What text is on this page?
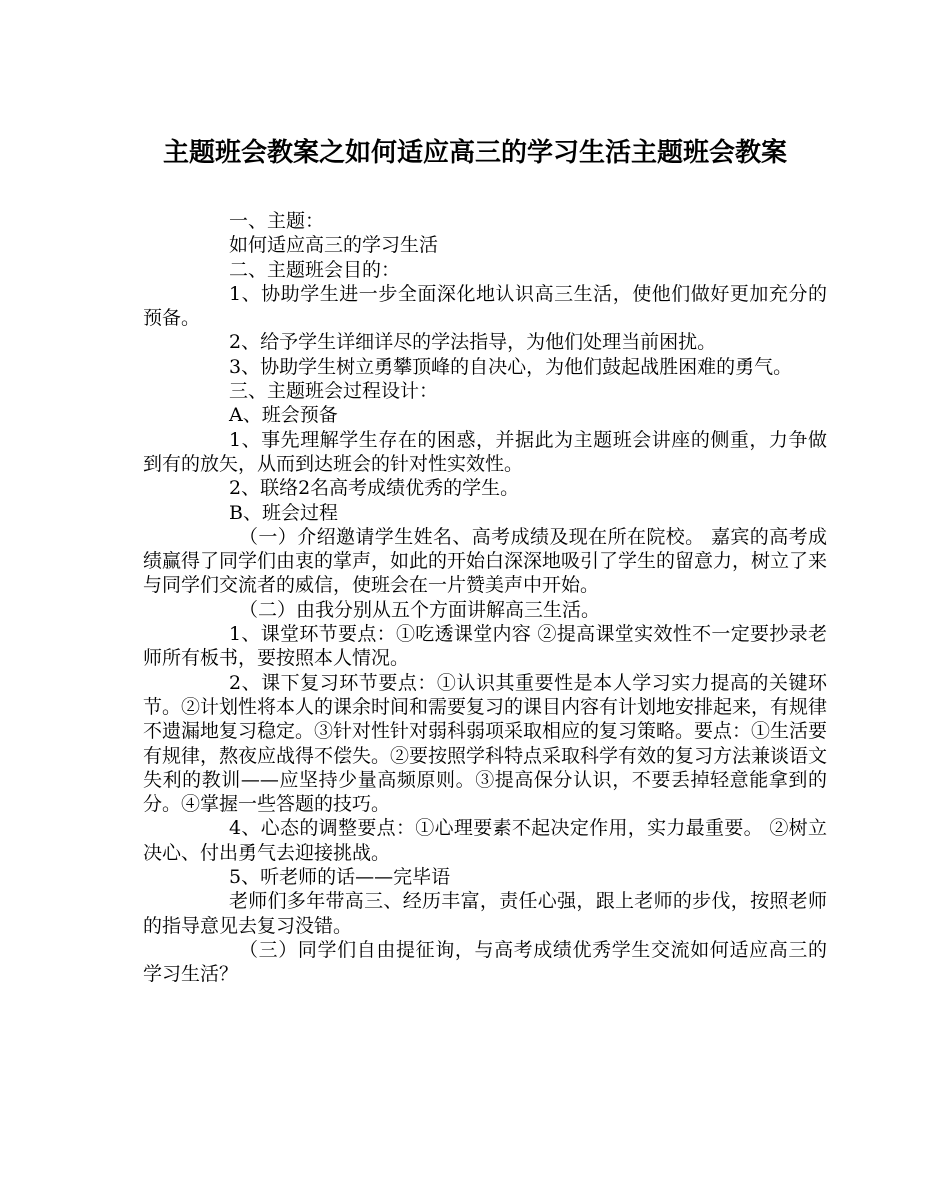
主题班会教案之如何适应高三的学习生活主题班会教案

一、主题：

如何适应高三的学习生活

二、主题班会目的：

1、协助学生进一步全面深化地认识高三生活，使他们做好更加充分的预备。

2、给予学生详细详尽的学法指导，为他们处理当前困扰。

3、协助学生树立勇攀顶峰的自决心，为他们鼓起战胜困难的勇气。

三、主题班会过程设计：

A、班会预备

1、事先理解学生存在的困惑，并据此为主题班会讲座的侧重，力争做到有的放矢，从而到达班会的针对性实效性。

2、联络2名高考成绩优秀的学生。

B、班会过程

（一）介绍邀请学生姓名、高考成绩及现在所在院校。 嘉宾的高考成绩赢得了同学们由衷的掌声，如此的开始白深深地吸引了学生的留意力，树立了来与同学们交流者的威信，使班会在一片赞美声中开始。

（二）由我分别从五个方面讲解高三生活。

1、课堂环节要点：①吃透课堂内容 ②提高课堂实效性不一定要抄录老师所有板书，要按照本人情况。

2、课下复习环节要点：①认识其重要性是本人学习实力提高的关键环节。②计划性将本人的课余时间和需要复习的课目内容有计划地安排起来，有规律不遗漏地复习稳定。③针对性针对弱科弱项采取相应的复习策略。要点：①生活要有规律，熬夜应战得不偿失。②要按照学科特点采取科学有效的复习方法兼谈语文失利的教训——应坚持少量高频原则。③提高保分认识，不要丢掉轻意能拿到的分。④掌握一些答题的技巧。

4、心态的调整要点：①心理要素不起决定作用，实力最重要。 ②树立决心、付出勇气去迎接挑战。

5、听老师的话——完毕语

老师们多年带高三、经历丰富，责任心强，跟上老师的步伐，按照老师的指导意见去复习没错。

（三）同学们自由提征询，与高考成绩优秀学生交流如何适应高三的学习生活？
